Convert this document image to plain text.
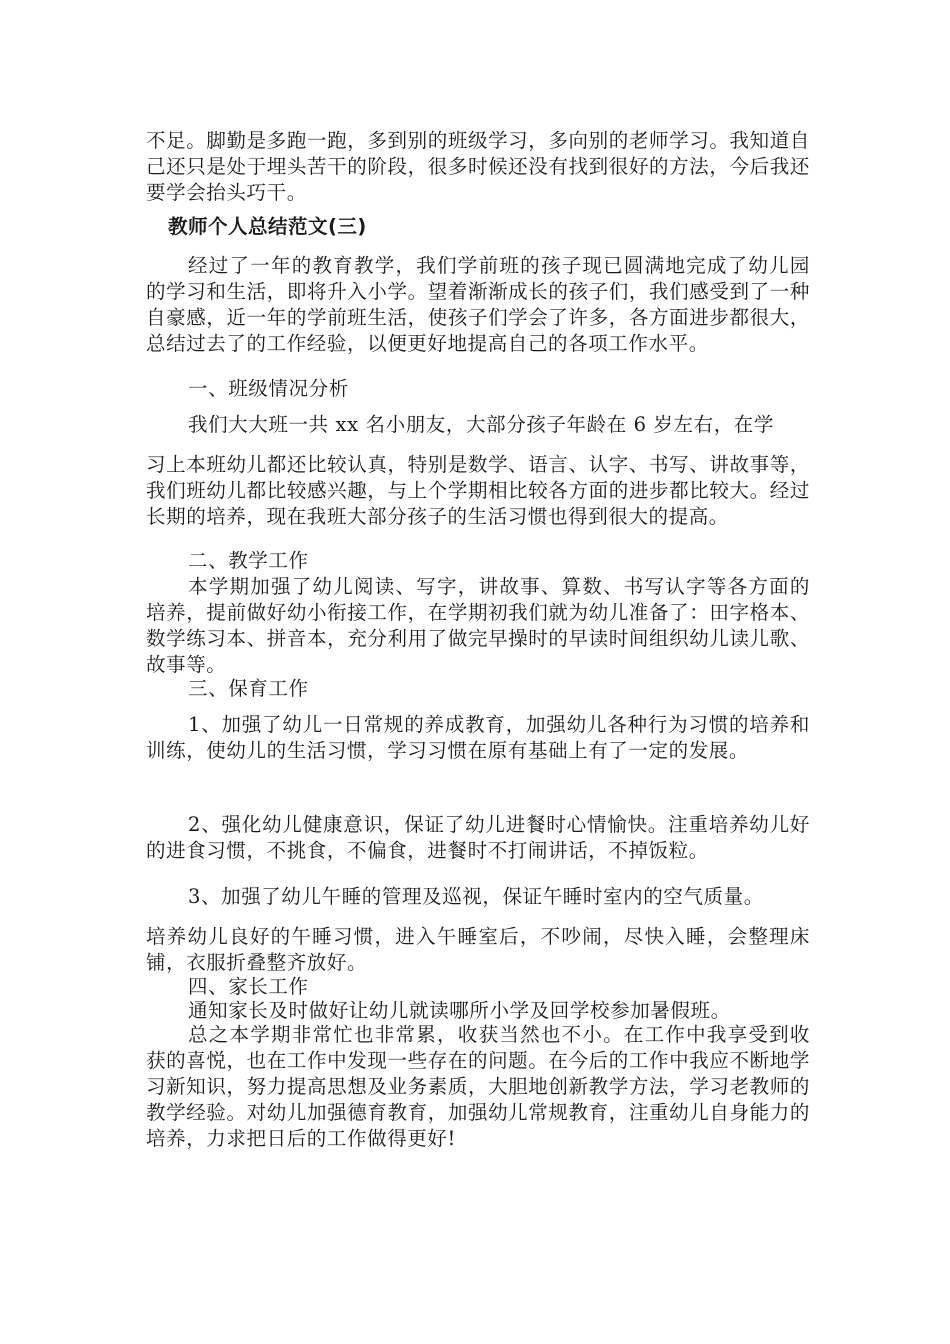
不足。脚勤是多跑一跑，多到别的班级学习，多向别的老师学习。我知道自己还只是处于埋头苦干的阶段，很多时候还没有找到很好的方法，今后我还要学会抬头巧干。

教师个人总结范文(三)

经过了一年的教育教学，我们学前班的孩子现已圆满地完成了幼儿园的学习和生活，即将升入小学。望着渐渐成长的孩子们，我们感受到了一种自豪感，近一年的学前班生活，使孩子们学会了许多，各方面进步都很大，总结过去了的工作经验，以便更好地提高自己的各项工作水平。

一、班级情况分析

我们大大班一共 xx 名小朋友，大部分孩子年龄在 6 岁左右，在学

习上本班幼儿都还比较认真，特别是数学、语言、认字、书写、讲故事等，我们班幼儿都比较感兴趣，与上个学期相比较各方面的进步都比较大。经过长期的培养，现在我班大部分孩子的生活习惯也得到很大的提高。

二、教学工作

本学期加强了幼儿阅读、写字，讲故事、算数、书写认字等各方面的培养，提前做好幼小衔接工作，在学期初我们就为幼儿准备了：田字格本、数学练习本、拼音本，充分利用了做完早操时的早读时间组织幼儿读儿歌、故事等。

三、保育工作

1、加强了幼儿一日常规的养成教育，加强幼儿各种行为习惯的培养和训练，使幼儿的生活习惯，学习习惯在原有基础上有了一定的发展。

2、强化幼儿健康意识，保证了幼儿进餐时心情愉快。注重培养幼儿好的进食习惯，不挑食，不偏食，进餐时不打闹讲话，不掉饭粒。

3、加强了幼儿午睡的管理及巡视，保证午睡时室内的空气质量。

培养幼儿良好的午睡习惯，进入午睡室后，不吵闹，尽快入睡，会整理床铺，衣服折叠整齐放好。

四、家长工作
通知家长及时做好让幼儿就读哪所小学及回学校参加暑假班。

总之本学期非常忙也非常累，收获当然也不小。在工作中我享受到收获的喜悦，也在工作中发现一些存在的问题。在今后的工作中我应不断地学习新知识，努力提高思想及业务素质，大胆地创新教学方法，学习老教师的教学经验。对幼儿加强德育教育，加强幼儿常规教育，注重幼儿自身能力的培养，力求把日后的工作做得更好!
